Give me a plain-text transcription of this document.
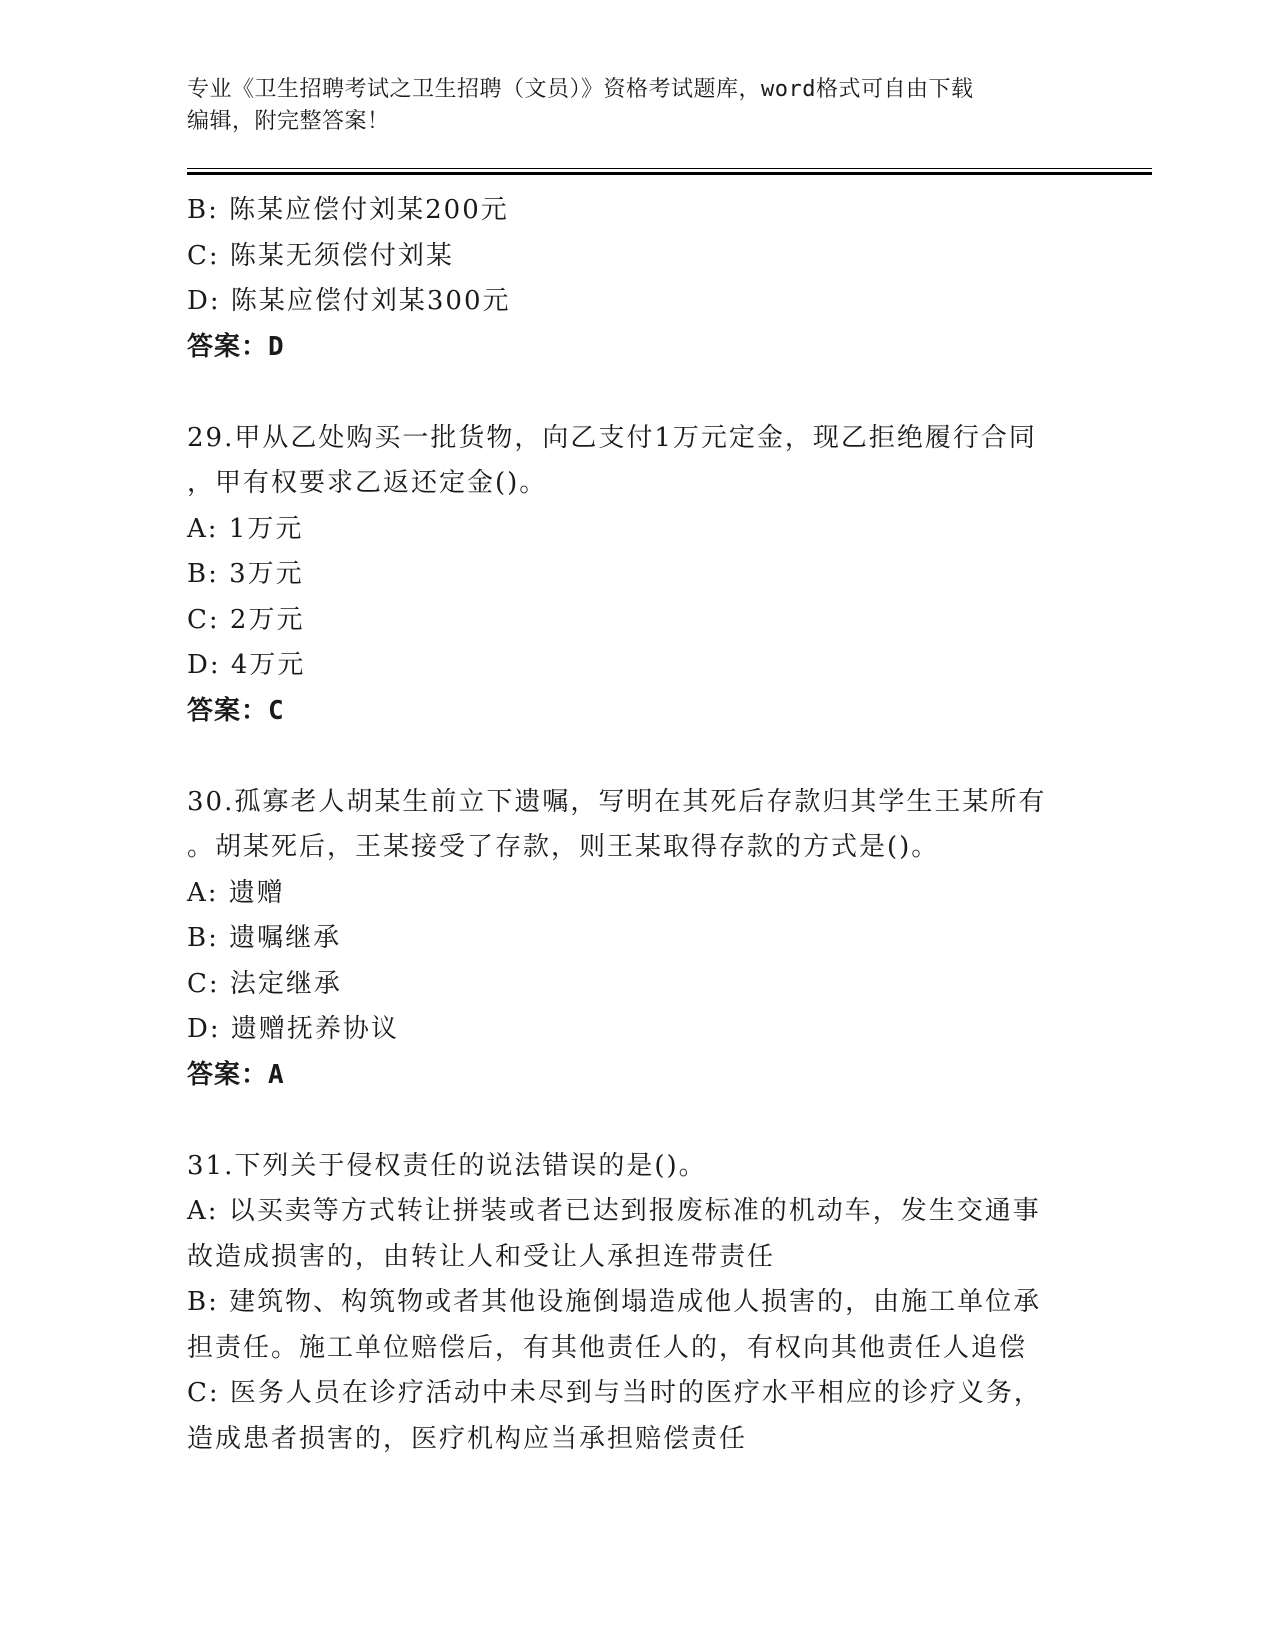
专业《卫生招聘考试之卫生招聘（文员）》资格考试题库，word格式可自由下载
编辑，附完整答案！
B: 陈某应偿付刘某200元
C: 陈某无须偿付刘某
D: 陈某应偿付刘某300元
答案：D
29.甲从乙处购买一批货物，向乙支付1万元定金，现乙拒绝履行合同
，甲有权要求乙返还定金()。
A: 1万元
B: 3万元
C: 2万元
D: 4万元
答案：C
30.孤寡老人胡某生前立下遗嘱，写明在其死后存款归其学生王某所有
。胡某死后，王某接受了存款，则王某取得存款的方式是()。
A: 遗赠
B: 遗嘱继承
C: 法定继承
D: 遗赠抚养协议
答案：A
31.下列关于侵权责任的说法错误的是()。
A: 以买卖等方式转让拼装或者已达到报废标准的机动车，发生交通事
故造成损害的，由转让人和受让人承担连带责任
B: 建筑物、构筑物或者其他设施倒塌造成他人损害的，由施工单位承
担责任。施工单位赔偿后，有其他责任人的，有权向其他责任人追偿
C: 医务人员在诊疗活动中未尽到与当时的医疗水平相应的诊疗义务，
造成患者损害的，医疗机构应当承担赔偿责任
